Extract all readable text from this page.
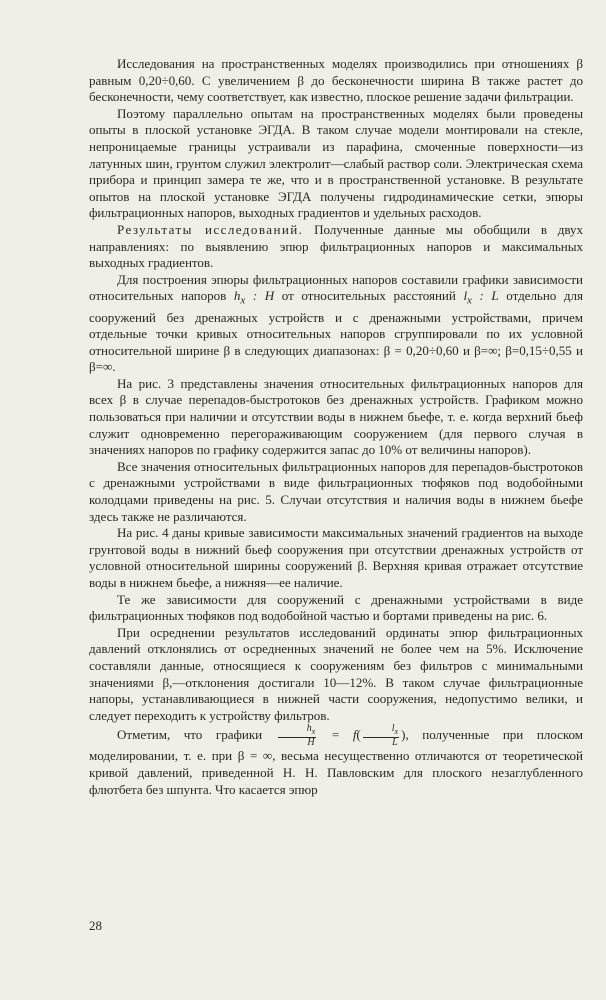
Исследования на пространственных моделях производились при отношениях β равным 0,20÷0,60. С увеличением β до бесконечности ширина B также растет до бесконечности, чему соответствует, как известно, плоское решение задачи фильтрации.

Поэтому параллельно опытам на пространственных моделях были проведены опыты в плоской установке ЭГДА. В таком случае модели монтировали на стекле, непроницаемые границы устраивали из парафина, смоченные поверхности—из латунных шин, грунтом служил электролит—слабый раствор соли. Электрическая схема прибора и принцип замера те же, что и в пространственной установке. В результате опытов на плоской установке ЭГДА получены гидродинамические сетки, эпюры фильтрационных напоров, выходных градиентов и удельных расходов.

Результаты исследований. Полученные данные мы обобщили в двух направлениях: по выявлению эпюр фильтрационных напоров и максимальных выходных градиентов.

Для построения эпюры фильтрационных напоров составили графики зависимости относительных напоров $h_x$ : H от относительных расстояний $l_x$ : L отдельно для сооружений без дренажных устройств и с дренажными устройствами, причем отдельные точки кривых относительных напоров сгруппировали по их условной относительной ширине β в следующих диапазонах: β = 0,20÷0,60 и β=∞; β=0,15÷0,55 и β=∞.

На рис. 3 представлены значения относительных фильтрационных напоров для всех β в случае перепадов-быстротоков без дренажных устройств. Графиком можно пользоваться при наличии и отсутствии воды в нижнем бьефе, т. е. когда верхний бьеф служит одновременно перегораживающим сооружением (для первого случая в значениях напоров по графику содержится запас до 10% от величины напоров).

Все значения относительных фильтрационных напоров для перепадов-быстротоков с дренажными устройствами в виде фильтрационных тюфяков под водобойными колодцами приведены на рис. 5. Случаи отсутствия и наличия воды в нижнем бьефе здесь также не различаются.

На рис. 4 даны кривые зависимости максимальных значений градиентов на выходе грунтовой воды в нижний бьеф сооружения при отсутствии дренажных устройств от условной относительной ширины сооружений β. Верхняя кривая отражает отсутствие воды в нижнем бьефе, а нижняя—ее наличие.

Те же зависимости для сооружений с дренажными устройствами в виде фильтрационных тюфяков под водобойной частью и бортами приведены на рис. 6.

При осреднении результатов исследований ординаты эпюр фильтрационных давлений отклонялись от осредненных значений не более чем на 5%. Исключение составляли данные, относящиеся к сооружениям без фильтров с минимальными значениями β,—отклонения достигали 10—12%. В таком случае фильтрационные напоры, устанавливающиеся в нижней части сооружения, недопустимо велики, и следует переходить к устройству фильтров.

Отметим, что графики $\frac{h_x}{H} = f( \frac{l_x}{L}$ ), полученные при плоском моделировании, т. е. при β = ∞, весьма несущественно отличаются от теоретической кривой давлений, приведенной Н. Н. Павловским для плоского незаглубленного флютбета без шпунта. Что касается эпюр

28
